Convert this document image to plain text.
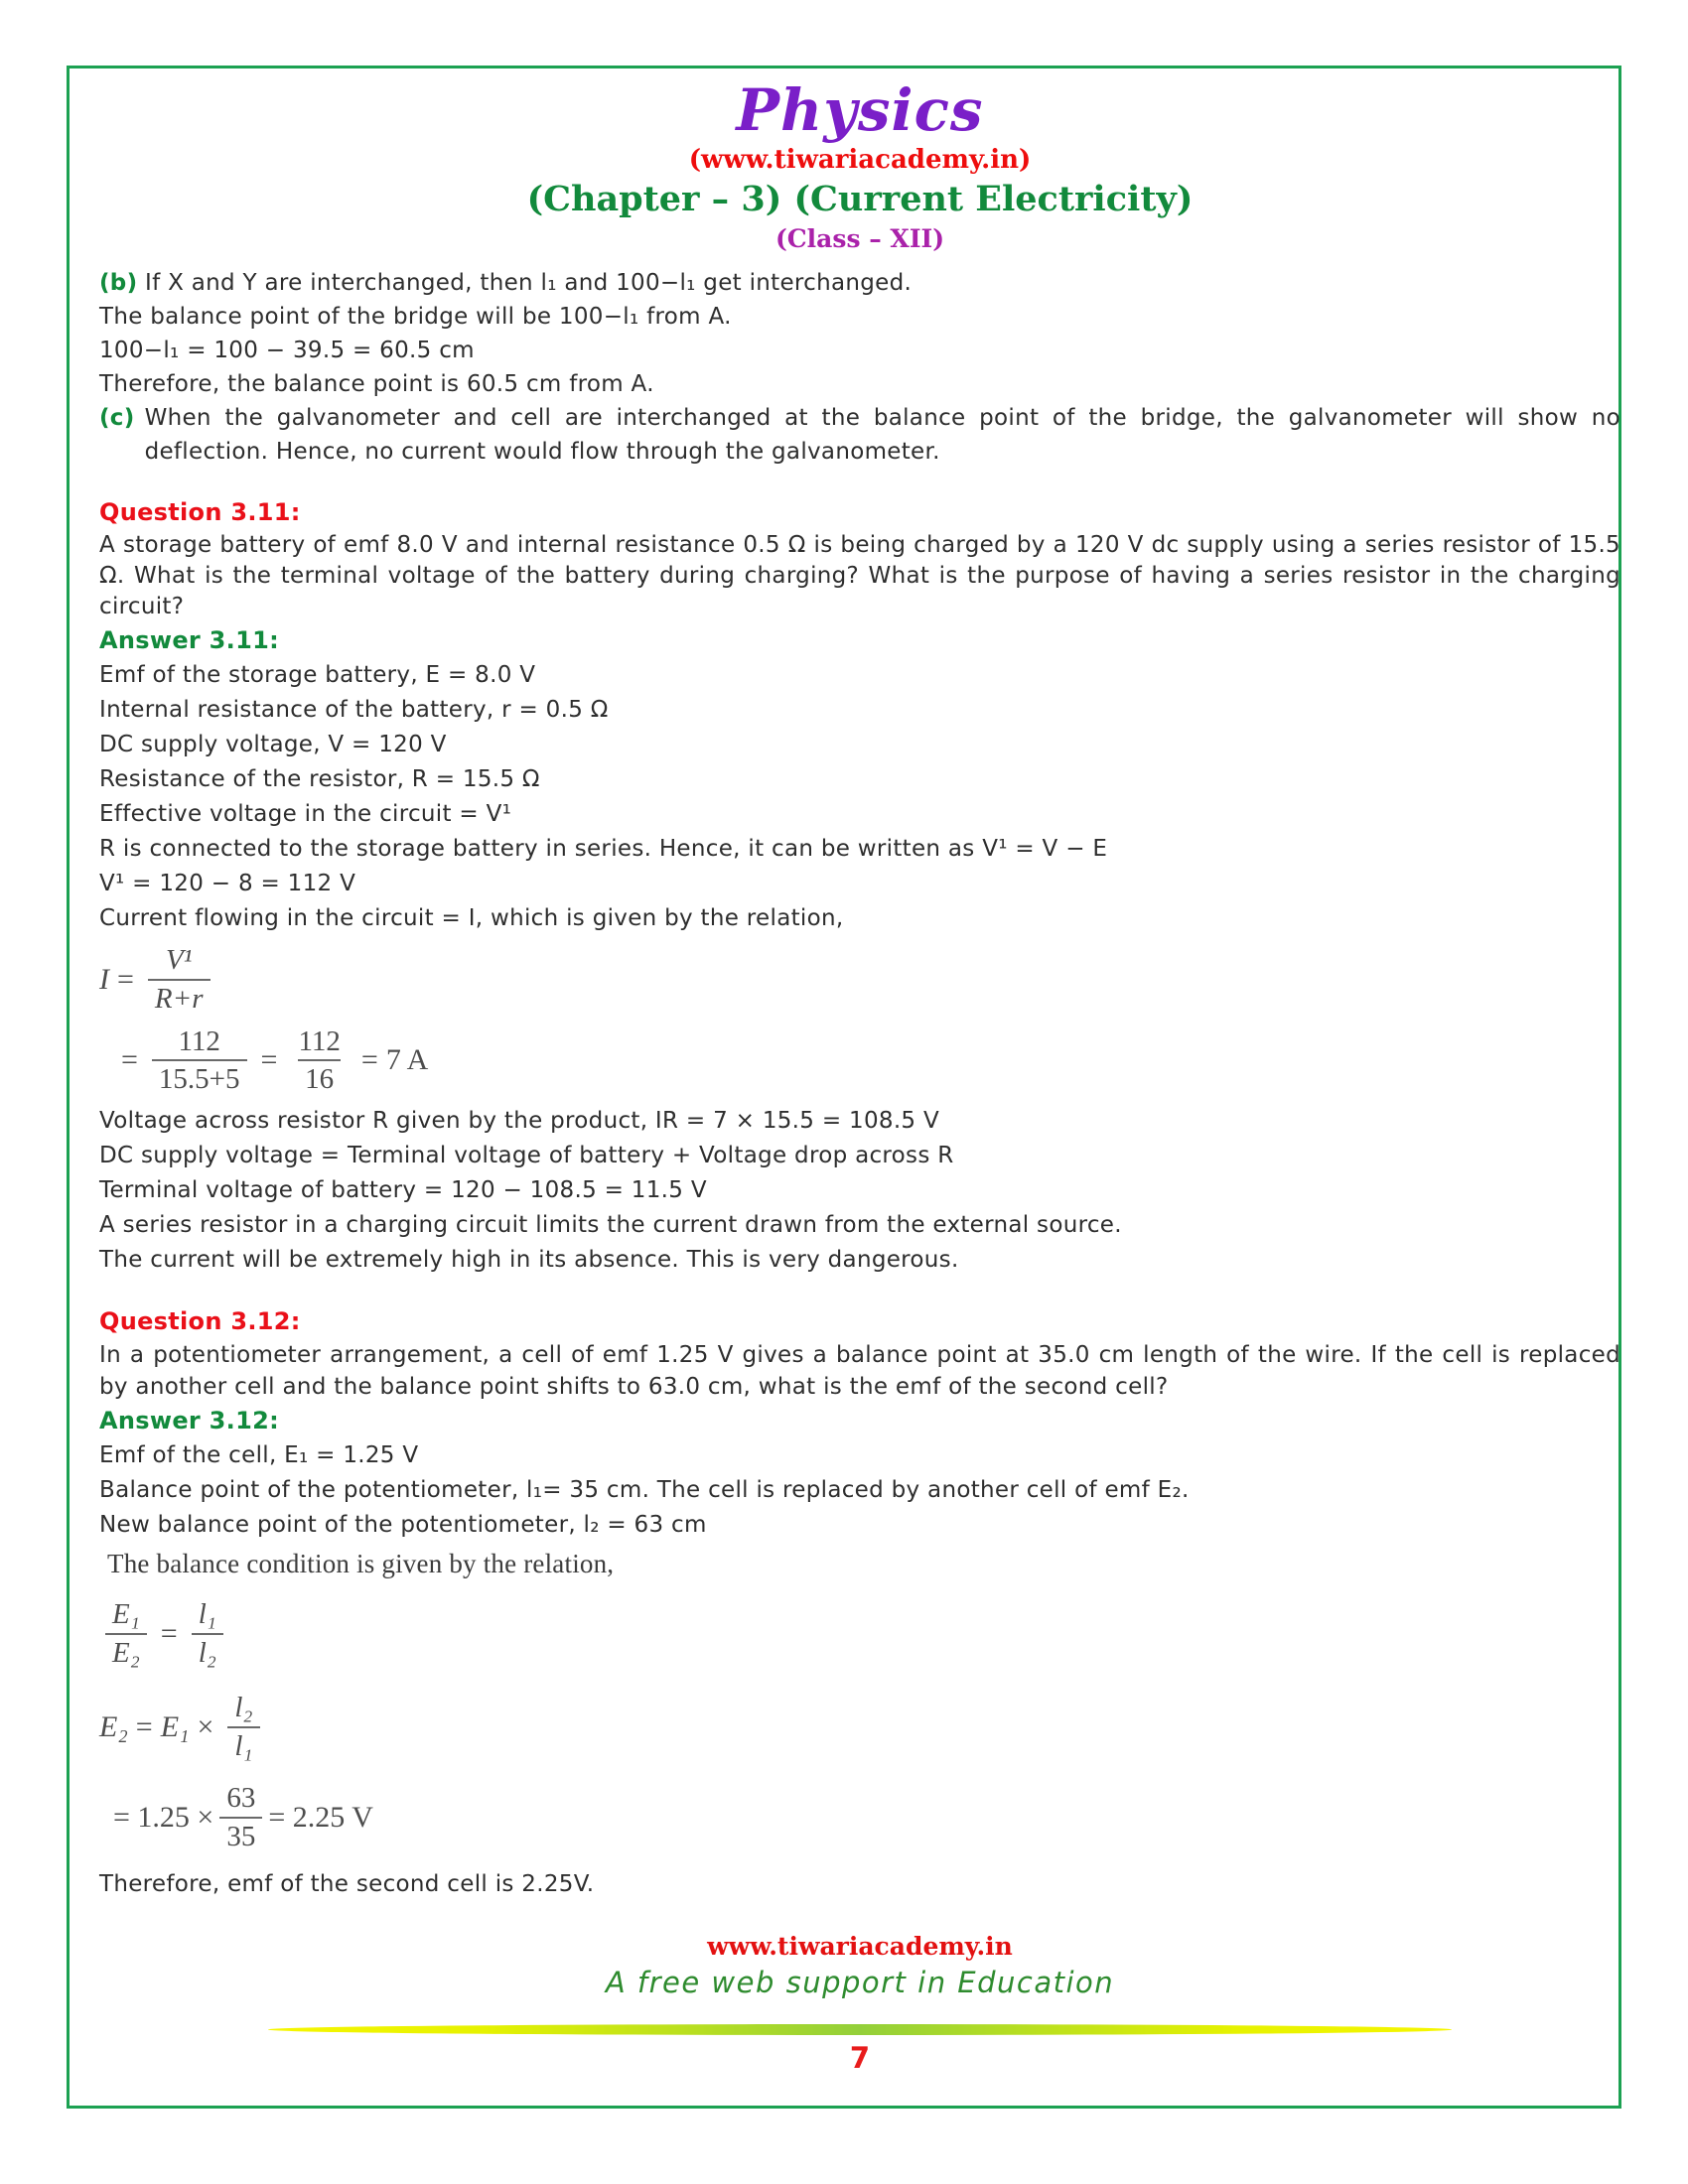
Physics
(www.tiwariacademy.in)
(Chapter – 3) (Current Electricity)
(Class – XII)

(b) If X and Y are interchanged, then l₁ and 100−l₁ get interchanged.

The balance point of the bridge will be 100−l₁ from A.

100−l₁ = 100 − 39.5 = 60.5 cm

Therefore, the balance point is 60.5 cm from A.

(c) When the galvanometer and cell are interchanged at the balance point of the bridge, the galvanometer will show no deflection. Hence, no current would flow through the galvanometer.

Question 3.11:

A storage battery of emf 8.0 V and internal resistance 0.5 Ω is being charged by a 120 V dc supply using a series resistor of 15.5 Ω. What is the terminal voltage of the battery during charging? What is the purpose of having a series resistor in the charging circuit?

Answer 3.11:

Emf of the storage battery, E = 8.0 V

Internal resistance of the battery, r = 0.5 Ω

DC supply voltage, V = 120 V

Resistance of the resistor, R = 15.5 Ω

Effective voltage in the circuit = V¹

R is connected to the storage battery in series. Hence, it can be written as V¹ = V − E

V¹ = 120 − 8 = 112 V

Current flowing in the circuit = I, which is given by the relation,

$I = \frac{\text{V¹}}{R+r}$
= $\frac{112}{15.5+5} = \frac{112}{16} = 7$ A

Voltage across resistor R given by the product, IR = 7 × 15.5 = 108.5 V

DC supply voltage = Terminal voltage of battery + Voltage drop across R

Terminal voltage of battery = 120 − 108.5 = 11.5 V

A series resistor in a charging circuit limits the current drawn from the external source.

The current will be extremely high in its absence. This is very dangerous.

Question 3.12:

In a potentiometer arrangement, a cell of emf 1.25 V gives a balance point at 35.0 cm length of the wire. If the cell is replaced by another cell and the balance point shifts to 63.0 cm, what is the emf of the second cell?

Answer 3.12:

Emf of the cell, E₁ = 1.25 V

Balance point of the potentiometer, l₁= 35 cm. The cell is replaced by another cell of emf E₂.

New balance point of the potentiometer, l₂ = 63 cm

The balance condition is given by the relation,

$\frac{\text{E₁}}{\text{E₂}} = \frac{\text{l₁}}{\text{l₂}}$
$E_2 = E_1 \times \frac{\text{l₂}}{\text{l₁}}$
= $1.25 \times \frac{63}{35} = 2.25$ V

Therefore, emf of the second cell is 2.25V.

www.tiwariacademy.in
A free web support in Education
7
